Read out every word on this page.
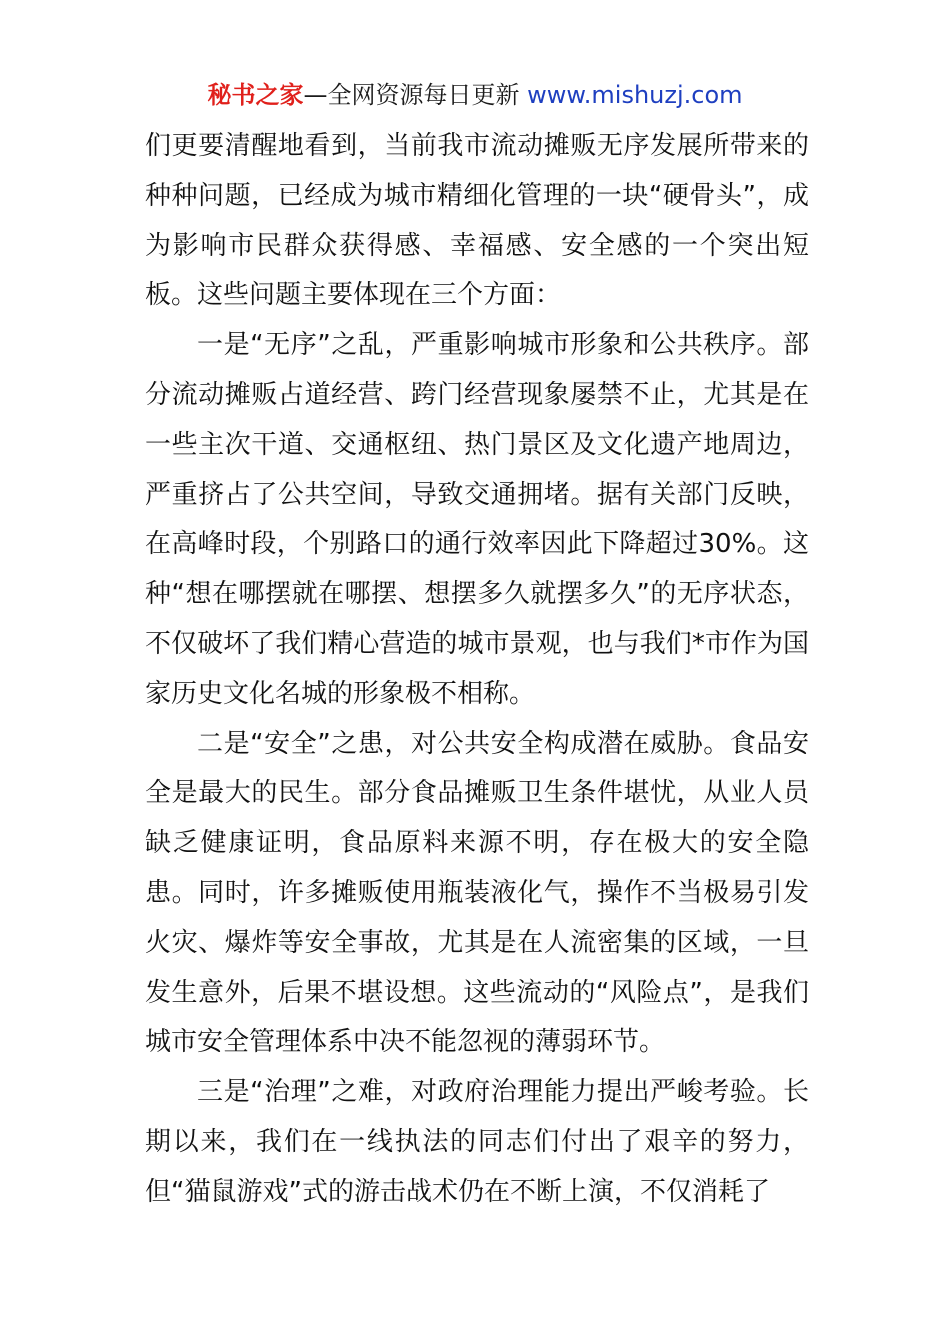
秘书之家—全网资源每日更新 www.mishuzj.com

们更要清醒地看到，当前我市流动摊贩无序发展所带来的种种问题，已经成为城市精细化管理的一块“硬骨头”，成为影响市民群众获得感、幸福感、安全感的一个突出短板。这些问题主要体现在三个方面：

一是“无序”之乱，严重影响城市形象和公共秩序。部分流动摊贩占道经营、跨门经营现象屡禁不止，尤其是在一些主次干道、交通枢纽、热门景区及文化遗产地周边，严重挤占了公共空间，导致交通拥堵。据有关部门反映，在高峰时段，个别路口的通行效率因此下降超过30%。这种“想在哪摆就在哪摆、想摆多久就摆多久”的无序状态，不仅破坏了我们精心营造的城市景观，也与我们*市作为国家历史文化名城的形象极不相称。

二是“安全”之患，对公共安全构成潜在威胁。食品安全是最大的民生。部分食品摊贩卫生条件堪忧，从业人员缺乏健康证明，食品原料来源不明，存在极大的安全隐患。同时，许多摊贩使用瓶装液化气，操作不当极易引发火灾、爆炸等安全事故，尤其是在人流密集的区域，一旦发生意外，后果不堪设想。这些流动的“风险点”，是我们城市安全管理体系中决不能忽视的薄弱环节。

三是“治理”之难，对政府治理能力提出严峻考验。长期以来，我们在一线执法的同志们付出了艰辛的努力，但“猫鼠游戏”式的游击战术仍在不断上演，不仅消耗了
